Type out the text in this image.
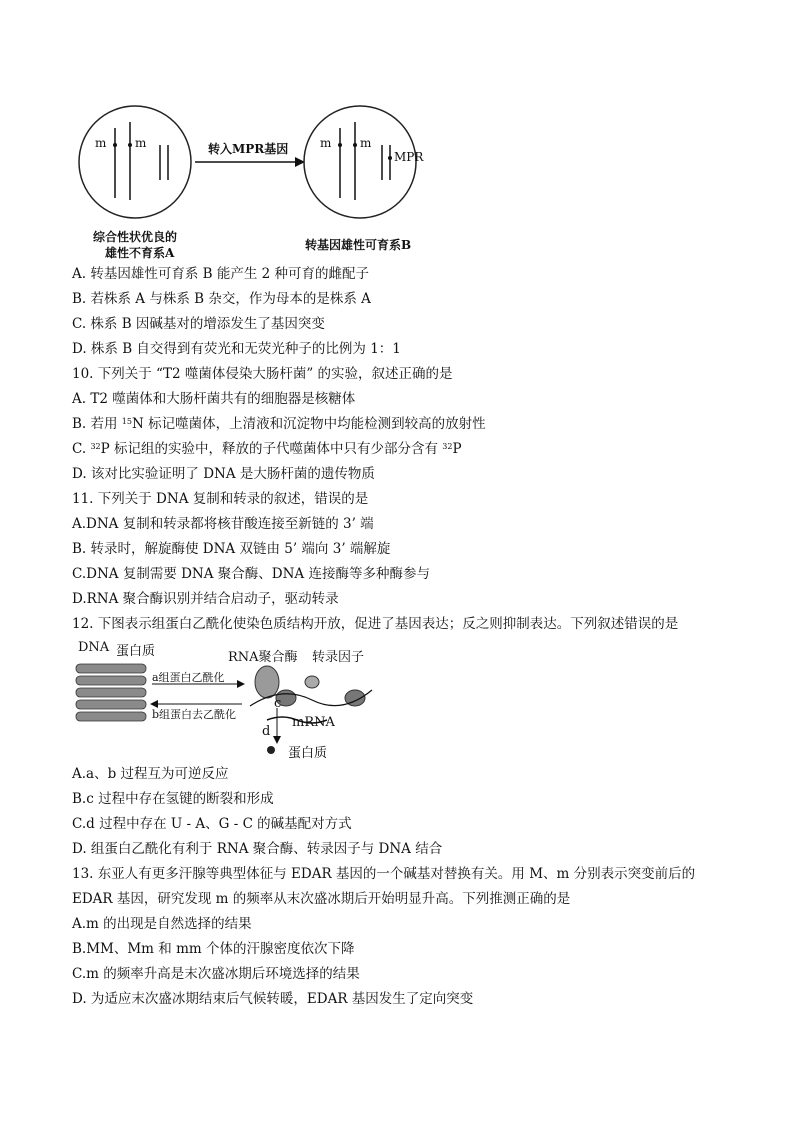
m m	转入MPR基因	m m
MPR
综合性状优良的
雄性不育系A
转基因雄性可育系B
A. 转基因雄性可育系 B 能产生 2 种可育的雌配子
B. 若株系 A 与株系 B 杂交，作为母本的是株系 A
C. 株系 B 因碱基对的增添发生了基因突变
D. 株系 B 自交得到有荧光和无荧光种子的比例为 1：1
10. 下列关于 “T2 噬菌体侵染大肠杆菌” 的实验，叙述正确的是
A. T2 噬菌体和大肠杆菌共有的细胞器是核糖体
B. 若用 $^{15}$N 标记噬菌体，上清液和沉淀物中均能检测到较高的放射性
C. $^{32}$P 标记组的实验中，释放的子代噬菌体中只有少部分含有 $^{32}$P
D. 该对比实验证明了 DNA 是大肠杆菌的遗传物质
11. 下列关于 DNA 复制和转录的叙述，错误的是
A.DNA 复制和转录都将核苷酸连接至新链的 3’ 端
B. 转录时，解旋酶使 DNA 双链由 5’ 端向 3’ 端解旋
C.DNA 复制需要 DNA 聚合酶、DNA 连接酶等多种酶参与
D.RNA 聚合酶识别并结合启动子，驱动转录
12. 下图表示组蛋白乙酰化使染色质结构开放，促进了基因表达；反之则抑制表达。下列叙述错误的是
DNA 蛋白质	RNA聚合酶 转录因子
a组蛋白乙酰化
b组蛋白去乙酰化
c
mRNA
d
蛋白质
A.a、b 过程互为可逆反应
B.c 过程中存在氢键的断裂和形成
C.d 过程中存在 U - A、G - C 的碱基配对方式
D. 组蛋白乙酰化有利于 RNA 聚合酶、转录因子与 DNA 结合
13. 东亚人有更多汗腺等典型体征与 EDAR 基因的一个碱基对替换有关。用 M、m 分别表示突变前后的
EDAR 基因，研究发现 m 的频率从末次盛冰期后开始明显升高。下列推测正确的是
A.m 的出现是自然选择的结果
B.MM、Mm 和 mm 个体的汗腺密度依次下降
C.m 的频率升高是末次盛冰期后环境选择的结果
D. 为适应末次盛冰期结束后气候转暖，EDAR 基因发生了定向突变
